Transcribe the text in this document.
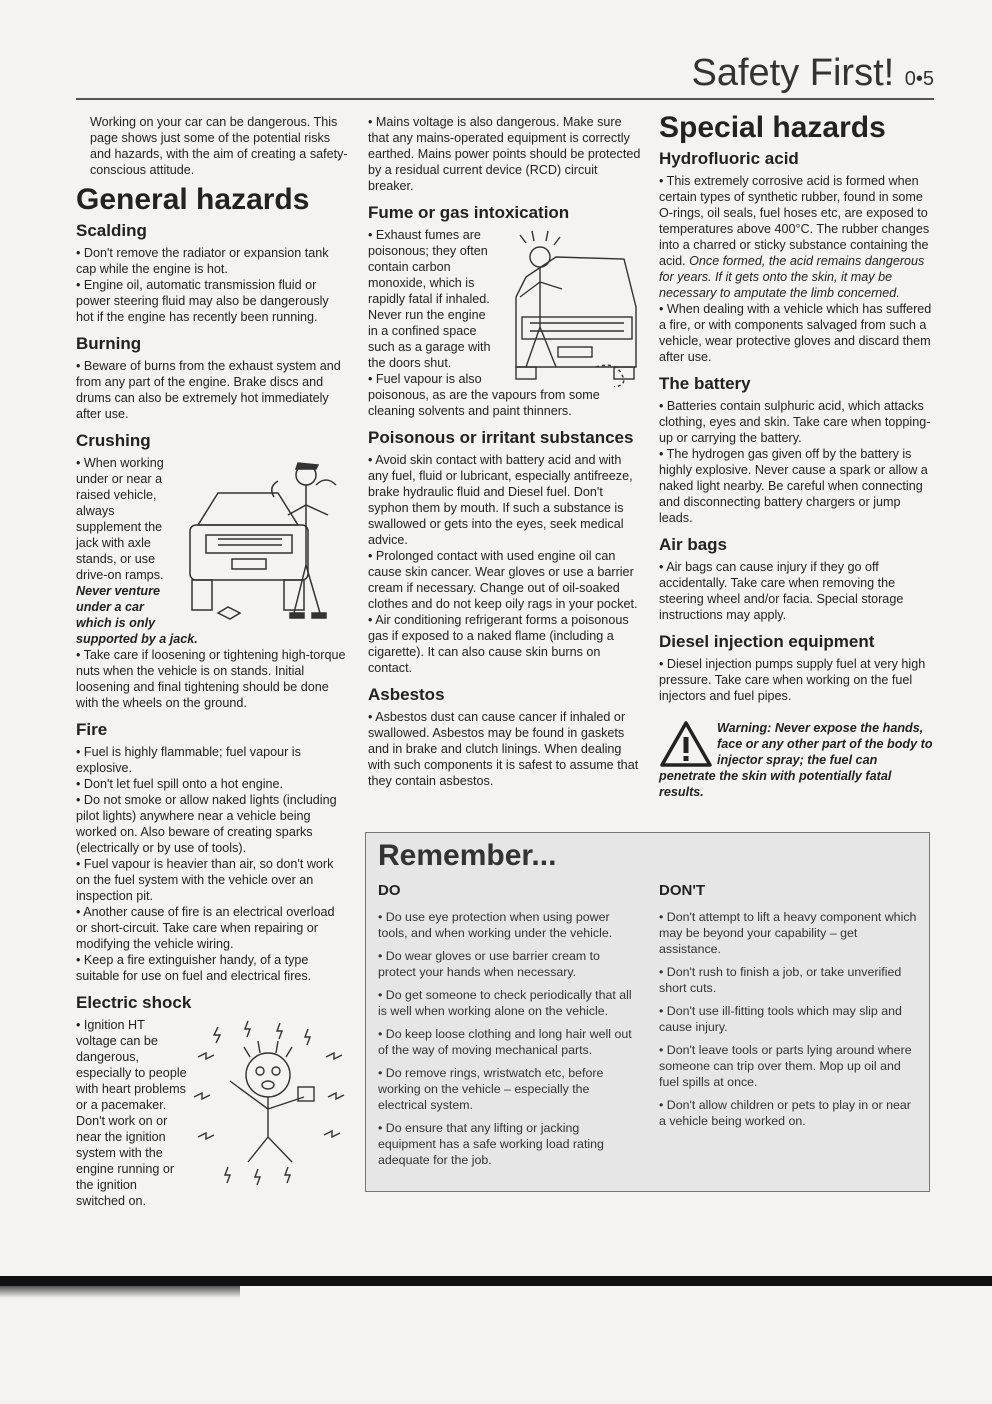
Safety First! 0•5

Working on your car can be dangerous. This page shows just some of the potential risks and hazards, with the aim of creating a safety-conscious attitude.

General hazards
Scalding

• Don't remove the radiator or expansion tank cap while the engine is hot.

• Engine oil, automatic transmission fluid or power steering fluid may also be dangerously hot if the engine has recently been running.

Burning

• Beware of burns from the exhaust system and from any part of the engine. Brake discs and drums can also be extremely hot immediately after use.

Crushing

• When working under or near a raised vehicle, always supplement the jack with axle stands, or use drive-on ramps. Never venture under a car which is only supported by a jack.

• Take care if loosening or tightening high-torque nuts when the vehicle is on stands. Initial loosening and final tightening should be done with the wheels on the ground.

Fire

• Fuel is highly flammable; fuel vapour is explosive.

• Don't let fuel spill onto a hot engine.

• Do not smoke or allow naked lights (including pilot lights) anywhere near a vehicle being worked on. Also beware of creating sparks

(electrically or by use of tools).

• Fuel vapour is heavier than air, so don't work on the fuel system with the vehicle over an inspection pit.

• Another cause of fire is an electrical overload or short-circuit. Take care when repairing or modifying the vehicle wiring.

• Keep a fire extinguisher handy, of a type suitable for use on fuel and electrical fires.

Electric shock

• Ignition HT voltage can be dangerous, especially to people with heart problems or a pacemaker. Don't work on or near the ignition system with the engine running or the ignition switched on.

• Mains voltage is also dangerous. Make sure that any mains-operated equipment is correctly earthed. Mains power points should be protected by a residual current device (RCD) circuit breaker.

Fume or gas intoxication

• Exhaust fumes are poisonous; they often contain carbon monoxide, which is rapidly fatal if inhaled. Never run the engine in a confined space such as a garage with the doors shut.

• Fuel vapour is also poisonous, as are the vapours from some cleaning solvents and paint thinners.

Poisonous or irritant substances

• Avoid skin contact with battery acid and with any fuel, fluid or lubricant, especially antifreeze, brake hydraulic fluid and Diesel fuel. Don't syphon them by mouth. If such a substance is swallowed or gets into the eyes, seek medical advice.

• Prolonged contact with used engine oil can cause skin cancer. Wear gloves or use a barrier cream if necessary. Change out of oil-soaked clothes and do not keep oily rags in your pocket.

• Air conditioning refrigerant forms a poisonous gas if exposed to a naked flame (including a cigarette). It can also cause skin burns on contact.

Asbestos

• Asbestos dust can cause cancer if inhaled or swallowed. Asbestos may be found in gaskets and in brake and clutch linings. When dealing with such components it is safest to assume that they contain asbestos.

Special hazards
Hydrofluoric acid

• This extremely corrosive acid is formed when certain types of synthetic rubber, found in some O-rings, oil seals, fuel hoses etc, are exposed to temperatures above 400°C. The rubber changes into a charred or sticky substance containing the acid. Once formed, the acid remains dangerous for years. If it gets onto the skin, it may be necessary to amputate the limb concerned.

• When dealing with a vehicle which has suffered a fire, or with components salvaged from such a vehicle, wear protective gloves and discard them after use.

The battery

• Batteries contain sulphuric acid, which attacks clothing, eyes and skin. Take care when topping-up or carrying the battery.

• The hydrogen gas given off by the battery is highly explosive. Never cause a spark or allow a naked light nearby. Be careful when connecting and disconnecting battery chargers or jump leads.

Air bags

• Air bags can cause injury if they go off accidentally. Take care when removing the steering wheel and/or facia. Special storage instructions may apply.

Diesel injection equipment

• Diesel injection pumps supply fuel at very high pressure. Take care when working on the fuel injectors and fuel pipes.

Warning: Never expose the hands, face or any other part of the body to injector spray; the fuel can penetrate the skin with potentially fatal results.

Remember...
DO

• Do use eye protection when using power tools, and when working under the vehicle.

• Do wear gloves or use barrier cream to protect your hands when necessary.

• Do get someone to check periodically that all is well when working alone on the vehicle.

• Do keep loose clothing and long hair well out of the way of moving mechanical parts.

• Do remove rings, wristwatch etc, before working on the vehicle – especially the electrical system.

• Do ensure that any lifting or jacking equipment has a safe working load rating adequate for the job.

DON'T

• Don't attempt to lift a heavy component which may be beyond your capability – get assistance.

• Don't rush to finish a job, or take unverified short cuts.

• Don't use ill-fitting tools which may slip and cause injury.

• Don't leave tools or parts lying around where someone can trip over them. Mop up oil and fuel spills at once.

• Don't allow children or pets to play in or near a vehicle being worked on.
